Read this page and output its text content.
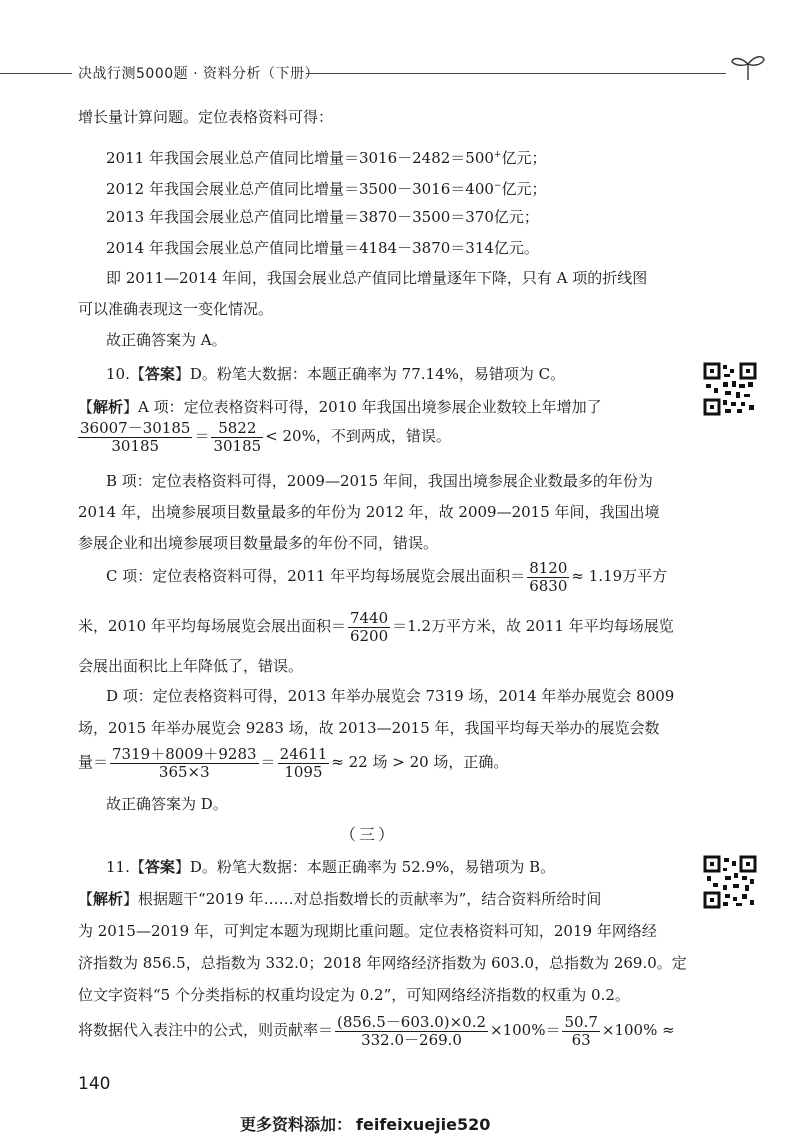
决战行测5000题 · 资料分析（下册）
增长量计算问题。定位表格资料可得：
2011 年我国会展业总产值同比增量＝3016－2482＝500+亿元；
2012 年我国会展业总产值同比增量＝3500－3016＝400−亿元；
2013 年我国会展业总产值同比增量＝3870－3500＝370亿元；
2014 年我国会展业总产值同比增量＝4184－3870＝314亿元。
即 2011—2014 年间，我国会展业总产值同比增量逐年下降，只有 A 项的折线图
可以准确表现这一变化情况。
故正确答案为 A。
10.【答案】D。粉笔大数据：本题正确率为 77.14%，易错项为 C。
【解析】A 项：定位表格资料可得，2010 年我国出境参展企业数较上年增加了
$\frac{36007-30185}{30185} = \frac{5822}{30185} < 20\%$，不到两成，错误。
B 项：定位表格资料可得，2009—2015 年间，我国出境参展企业数最多的年份为
2014 年，出境参展项目数量最多的年份为 2012 年，故 2009—2015 年间，我国出境
参展企业和出境参展项目数量最多的年份不同，错误。
C 项：定位表格资料可得，2011 年平均每场展览会展出面积＝ $\frac{8120}{6830} \approx 1.19$万平方
米，2010 年平均每场展览会展出面积＝ $\frac{7440}{6200} =1.2$万平方米，故 2011 年平均每场展览
会展出面积比上年降低了，错误。
D 项：定位表格资料可得，2013 年举办展览会 7319 场，2014 年举办展览会 8009
场，2015 年举办展览会 9283 场，故 2013—2015 年，我国平均每天举办的展览会数
量＝ $\frac{7319+8009+9283}{365\times 3} = \frac{24611}{1095} \approx 22$ 场 > 20 场，正确。
故正确答案为 D。
（三）
11.【答案】D。粉笔大数据：本题正确率为 52.9%，易错项为 B。
【解析】根据题干“2019 年……对总指数增长的贡献率为”，结合资料所给时间
为 2015—2019 年，可判定本题为现期比重问题。定位表格资料可知，2019 年网络经
济指数为 856.5，总指数为 332.0；2018 年网络经济指数为 603.0，总指数为 269.0。定
位文字资料“5 个分类指标的权重均设定为 0.2”，可知网络经济指数的权重为 0.2。
将数据代入表注中的公式，则贡献率＝ $\frac{(856.5-603.0)\times 0.2}{332.0-269.0} \times 100\%= \frac{50.7}{63} \times 100\%$ ≈
140
更多资料添加： feifeixuejie520
